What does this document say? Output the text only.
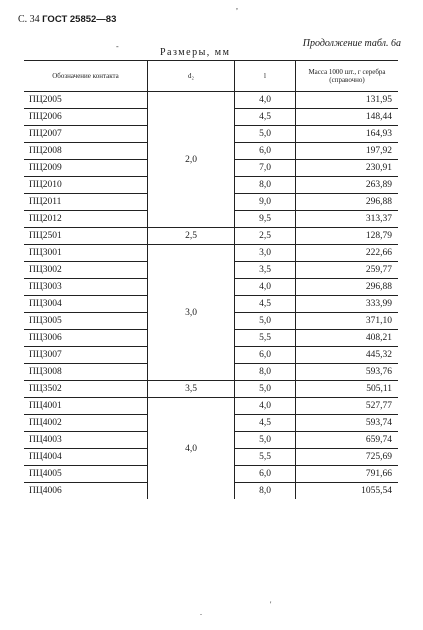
С. 34 ГОСТ 25852—83
Продолжение табл. 6а
Размеры, мм
Обозначение контакта	d₂	l	Масса 1000 шт., г серебра (справочно)
ПЦ2005	2,0	4,0	131,95
ПЦ2006		4,5	148,44
ПЦ2007		5,0	164,93
ПЦ2008		6,0	197,92
ПЦ2009		7,0	230,91
ПЦ2010		8,0	263,89
ПЦ2011		9,0	296,88
ПЦ2012		9,5	313,37
ПЦ2501	2,5	2,5	128,79
ПЦ3001	3,0	3,0	222,66
ПЦ3002		3,5	259,77
ПЦ3003		4,0	296,88
ПЦ3004		4,5	333,99
ПЦ3005		5,0	371,10
ПЦ3006		5,5	408,21
ПЦ3007		6,0	445,32
ПЦ3008		8,0	593,76
ПЦ3502	3,5	5,0	505,11
ПЦ4001	4,0	4,0	527,77
ПЦ4002		4,5	593,74
ПЦ4003		5,0	659,74
ПЦ4004		5,5	725,69
ПЦ4005		6,0	791,66
ПЦ4006		8,0	1055,54
,
-
.
'
